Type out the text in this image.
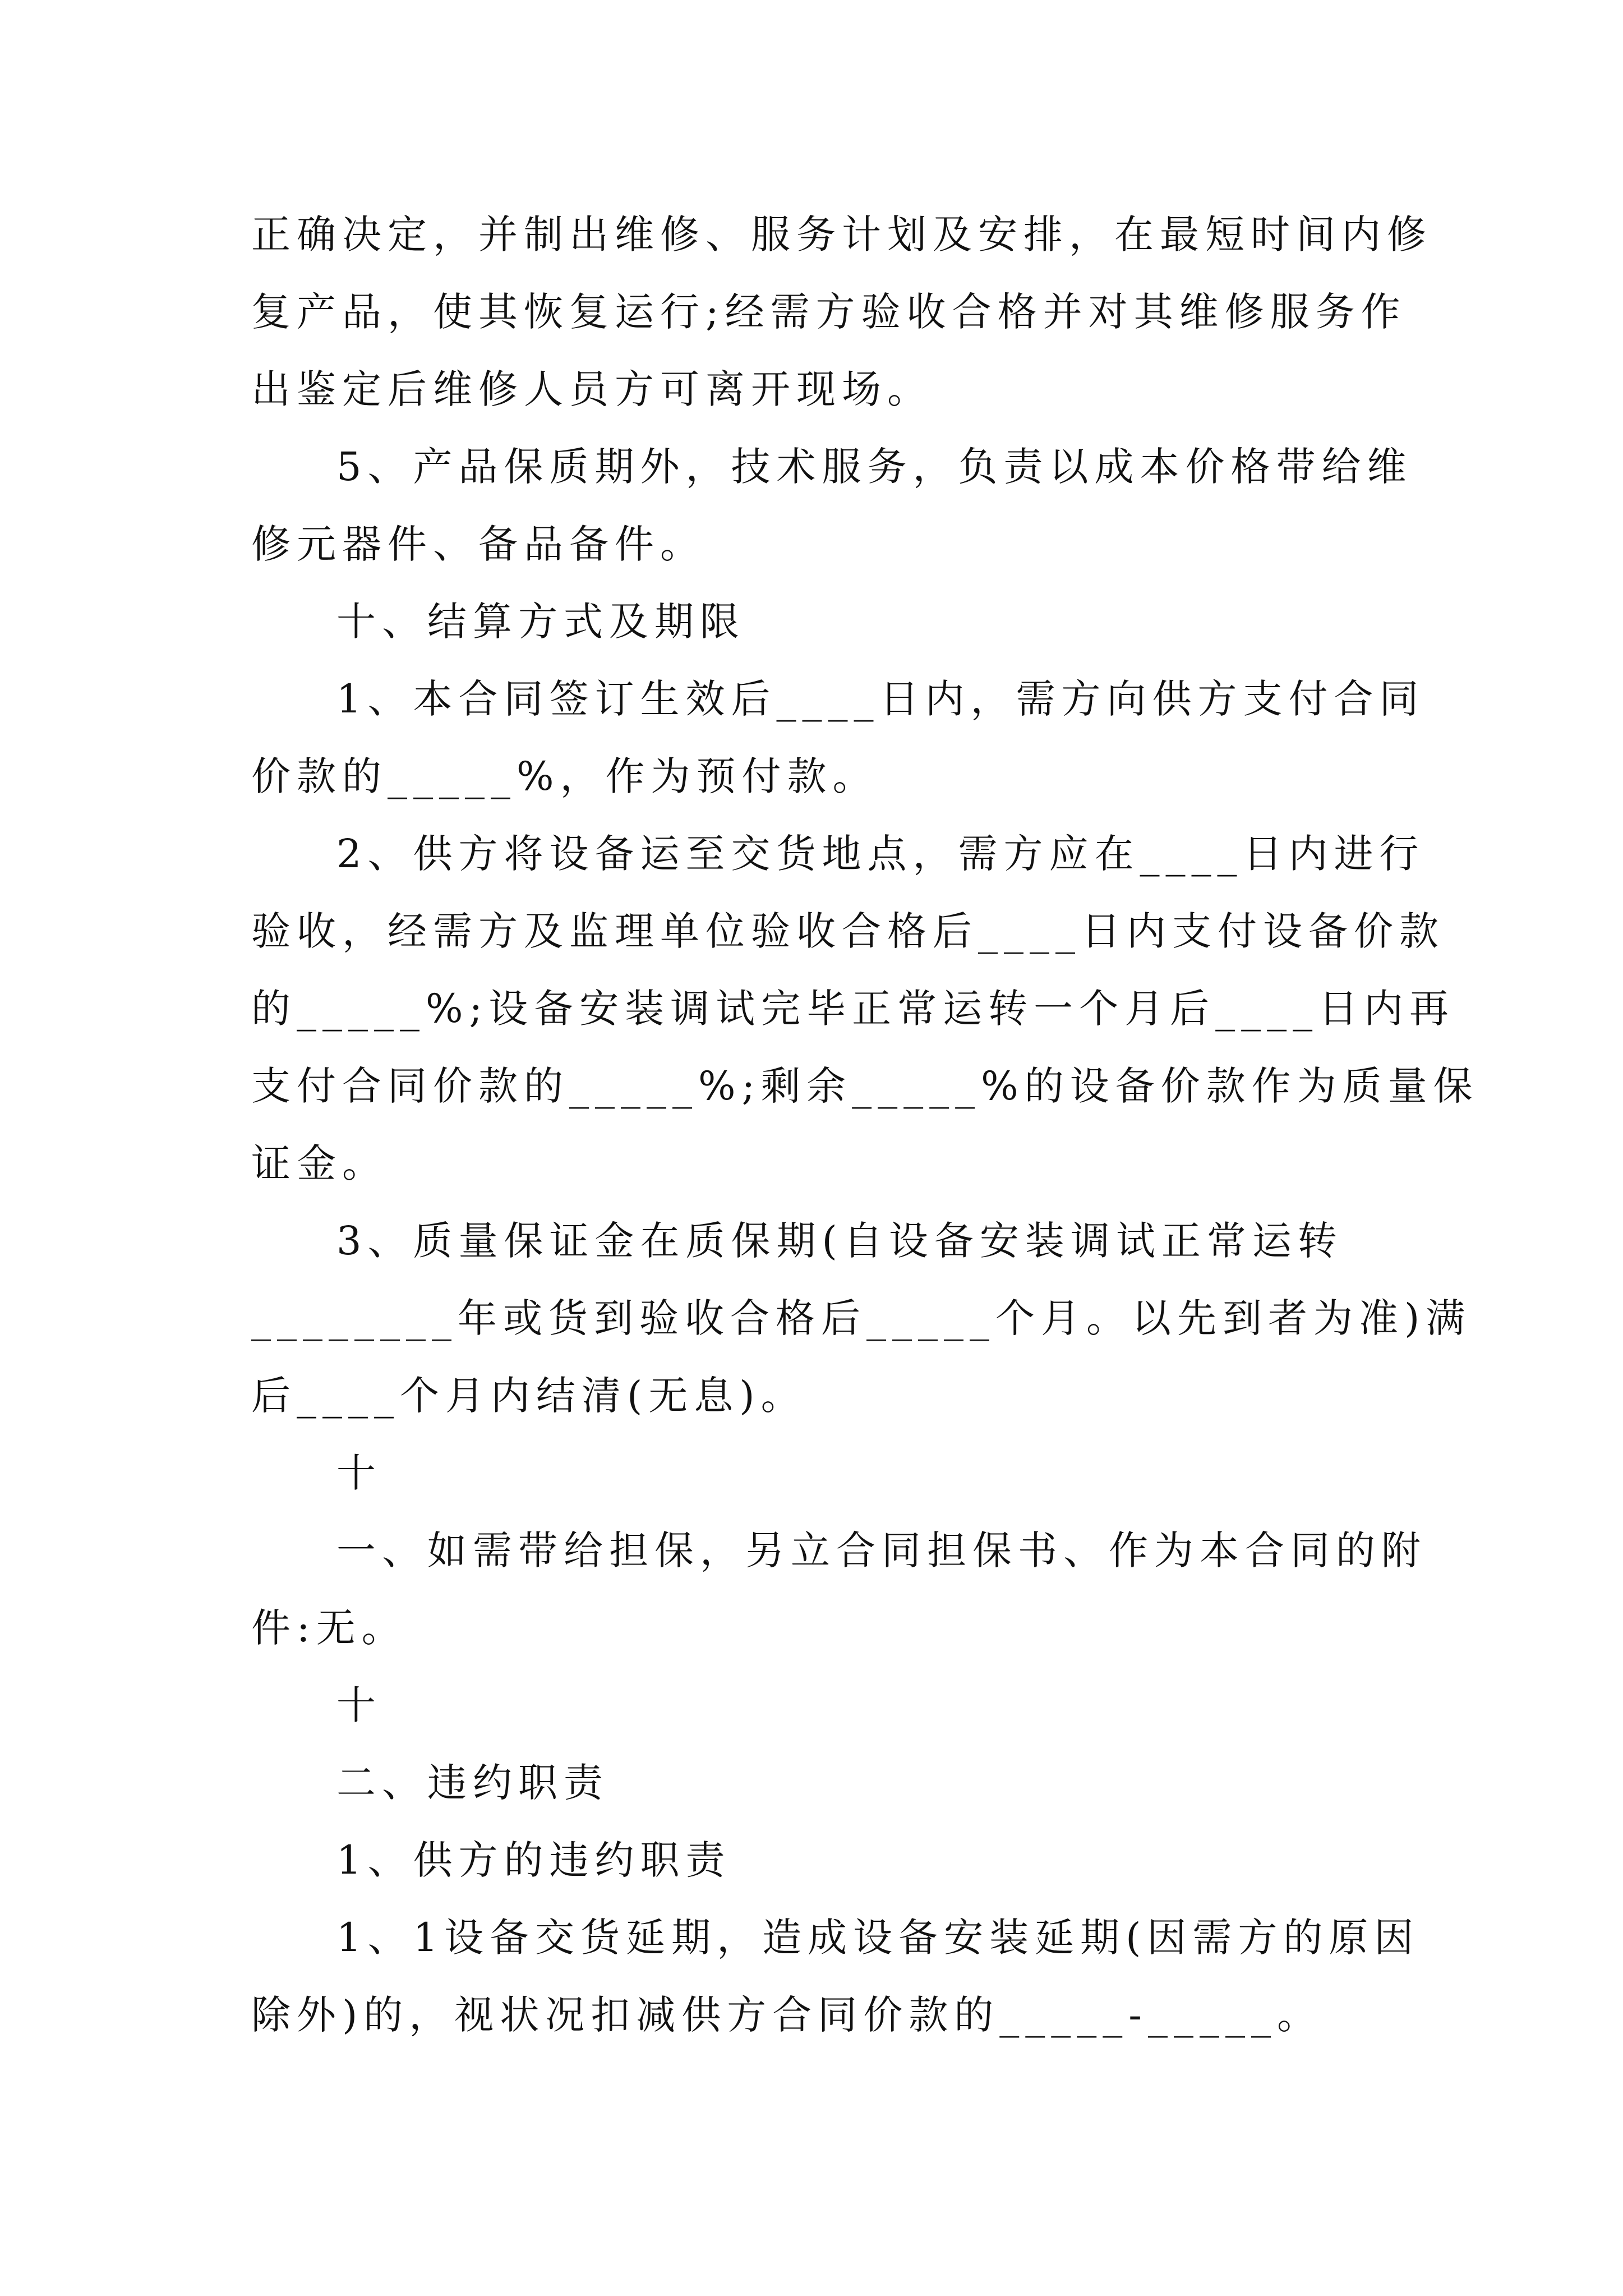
正确决定，并制出维修、服务计划及安排，在最短时间内修
复产品，使其恢复运行;经需方验收合格并对其维修服务作
出鉴定后维修人员方可离开现场。
5、产品保质期外，技术服务，负责以成本价格带给维
修元器件、备品备件。
十、结算方式及期限
1、本合同签订生效后____日内，需方向供方支付合同
价款的_____%，作为预付款。
2、供方将设备运至交货地点，需方应在____日内进行
验收，经需方及监理单位验收合格后____日内支付设备价款
的_____%;设备安装调试完毕正常运转一个月后____日内再
支付合同价款的_____%;剩余_____%的设备价款作为质量保
证金。
3、质量保证金在质保期(自设备安装调试正常运转
________年或货到验收合格后_____个月。以先到者为准)满
后____个月内结清(无息)。
十
一、如需带给担保，另立合同担保书、作为本合同的附
件:无。
十
二、违约职责
1、供方的违约职责
1、1设备交货延期，造成设备安装延期(因需方的原因
除外)的，视状况扣减供方合同价款的_____-_____。
